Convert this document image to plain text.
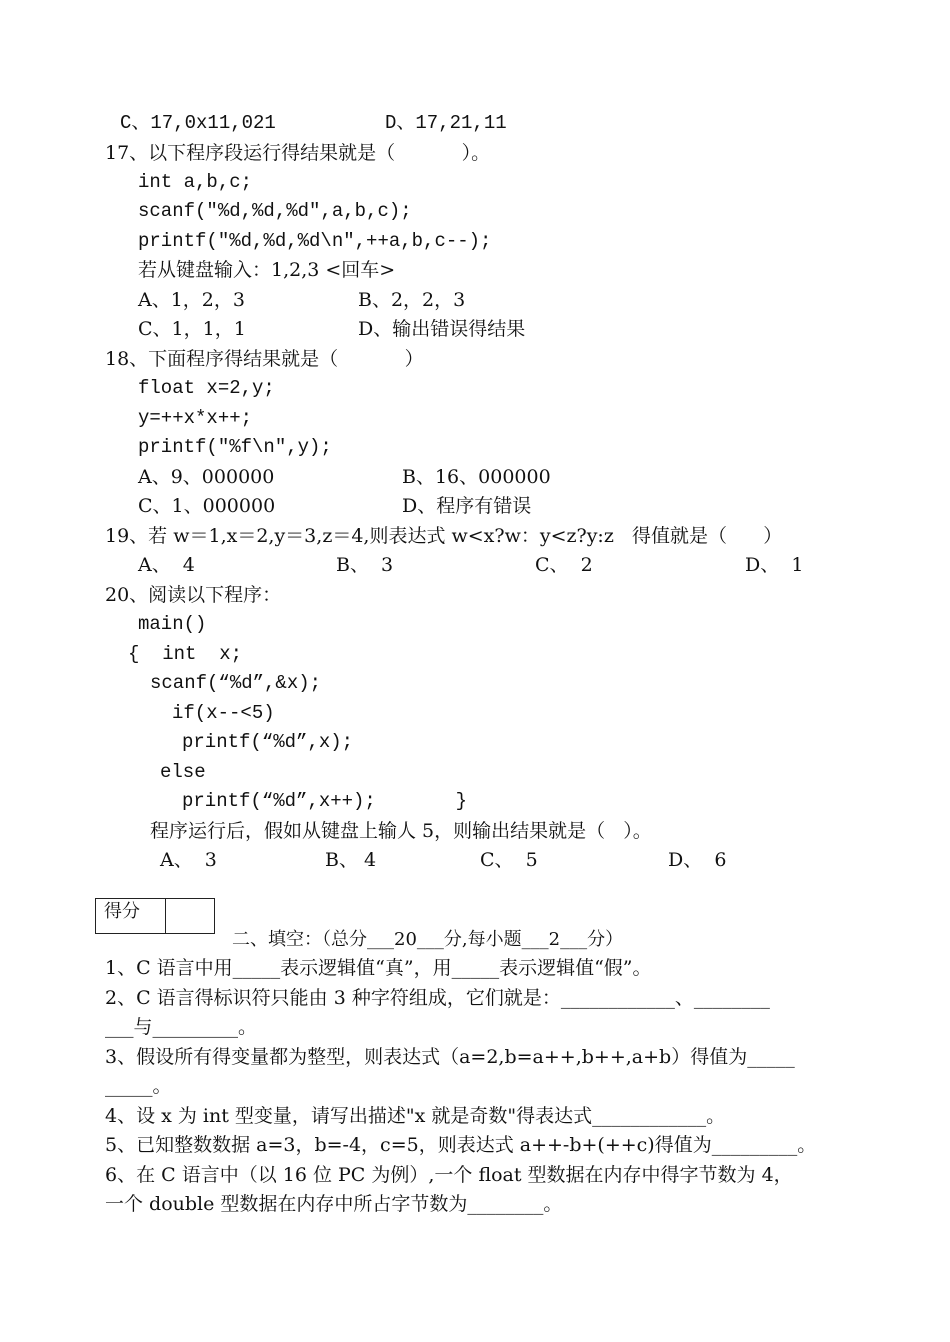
C、17,0x11,021	D、17,21,11
17、以下程序段运行得结果就是（           ）。
int a,b,c;
scanf("%d,%d,%d",a,b,c);
printf("%d,%d,%d\n",++a,b,c--);
若从键盘输入：1,2,3 <回车>
A、1，2，3	B、2，2，3
C、1，1，1	D、输出错误得结果
18、下面程序得结果就是（           ）
float x=2,y;
y=++x*x++;
printf("%f\n",y);
A、9、000000	B、16、000000
C、1、000000	D、程序有错误
19、若 w＝1,x＝2,y＝3,z＝4,则表达式 w<x?w：y<z?y:z   得值就是（      ）
A、  4	B、  3	C、  2	D、  1
20、阅读以下程序：
main()
{  int  x;
scanf(“%d”,&x);
if(x--<5)
printf(“%d”,x);
else
printf(“%d”,x++);       }
程序运行后，假如从键盘上输人 5，则输出结果就是（   ）。
A、  3	B、 4	C、  5	D、  6
得分
二、填空：（总分___20___分,每小题___2___分）
1、C 语言中用_____表示逻辑值“真”，用_____表示逻辑值“假”。
2、C 语言得标识符只能由 3 种字符组成，它们就是：____________、________
___与_________。
3、假设所有得变量都为整型，则表达式（a=2,b=a++,b++,a+b）得值为_____
_____。
4、设 x 为 int 型变量，请写出描述"x 就是奇数"得表达式____________。
5、已知整数数据 a=3，b=-4，c=5，则表达式 a++-b+(++c)得值为_________。
6、在 C 语言中（以 16 位 PC 为例）,一个 float 型数据在内存中得字节数为 4，
一个 double 型数据在内存中所占字节数为________。
